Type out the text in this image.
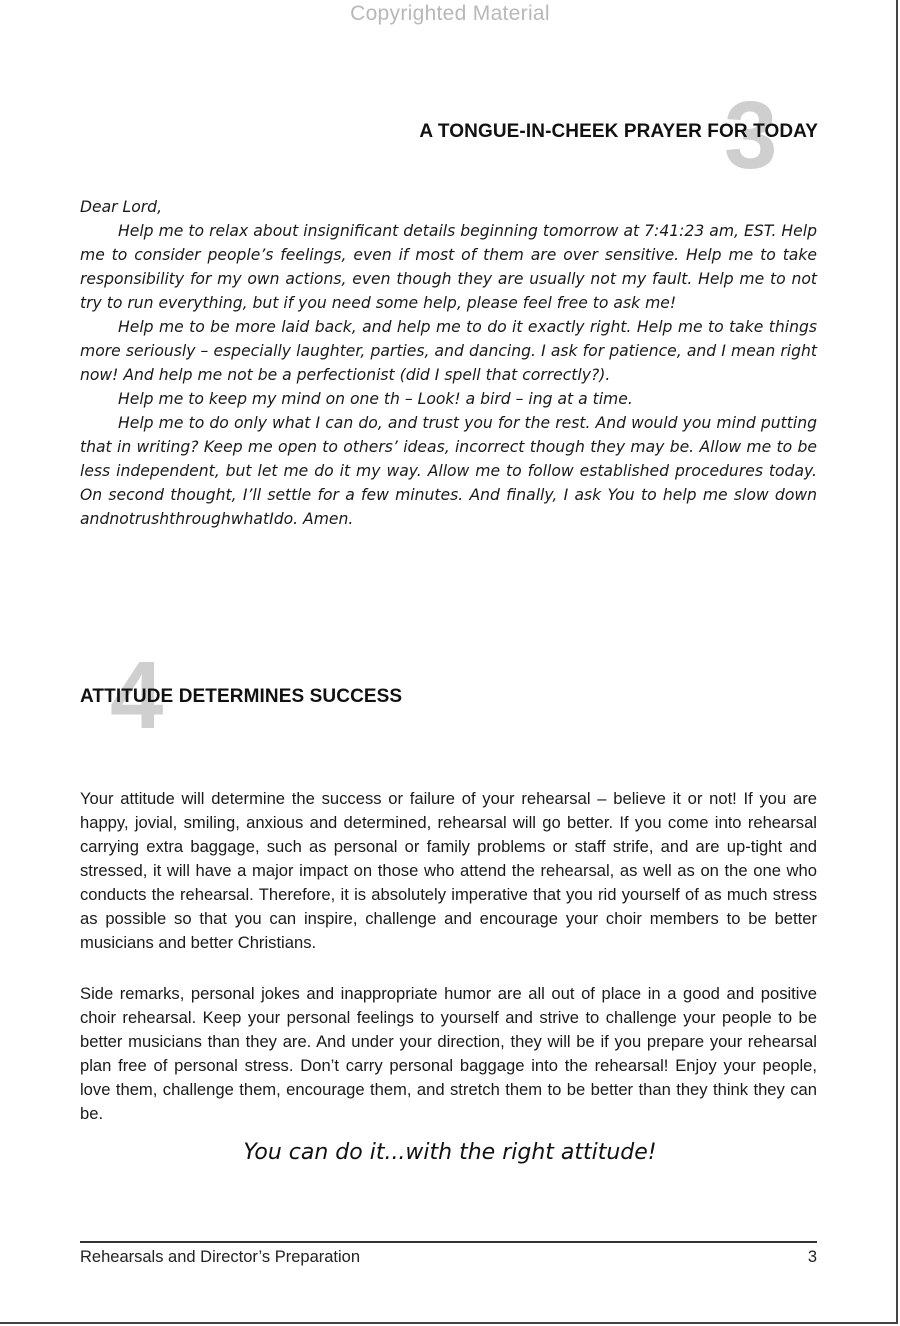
Copyrighted Material
3
A TONGUE-IN-CHEEK PRAYER FOR TODAY

Dear Lord,

Help me to relax about insignificant details beginning tomorrow at 7:41:23 am, EST. Help me to consider people’s feelings, even if most of them are over sensitive. Help me to take responsibility for my own actions, even though they are usually not my fault. Help me to not try to run everything, but if you need some help, please feel free to ask me!

Help me to be more laid back, and help me to do it exactly right. Help me to take things more seriously – especially laughter, parties, and dancing. I ask for patience, and I mean right now! And help me not be a perfectionist (did I spell that correctly?).

Help me to keep my mind on one th – Look! a bird – ing at a time.

Help me to do only what I can do, and trust you for the rest. And would you mind putting that in writing? Keep me open to others’ ideas, incorrect though they may be. Allow me to be less independent, but let me do it my way. Allow me to follow established procedures today. On second thought, I’ll settle for a few minutes. And finally, I ask You to help me slow down andnotrushthroughwhatIdo. Amen.

4
ATTITUDE DETERMINES SUCCESS

Your attitude will determine the success or failure of your rehearsal – believe it or not! If you are happy, jovial, smiling, anxious and determined, rehearsal will go better. If you come into rehearsal carrying extra baggage, such as personal or family problems or staff strife, and are up-tight and stressed, it will have a major impact on those who attend the rehearsal, as well as on the one who conducts the rehearsal. Therefore, it is absolutely imperative that you rid yourself of as much stress as possible so that you can inspire, challenge and encourage your choir members to be better musicians and better Christians.

Side remarks, personal jokes and inappropriate humor are all out of place in a good and positive choir rehearsal. Keep your personal feelings to yourself and strive to challenge your people to be better musicians than they are. And under your direction, they will be if you prepare your rehearsal plan free of personal stress. Don’t carry personal baggage into the rehearsal! Enjoy your people, love them, challenge them, encourage them, and stretch them to be better than they think they can be.

You can do it...with the right attitude!
Rehearsals and Director’s Preparation	3
